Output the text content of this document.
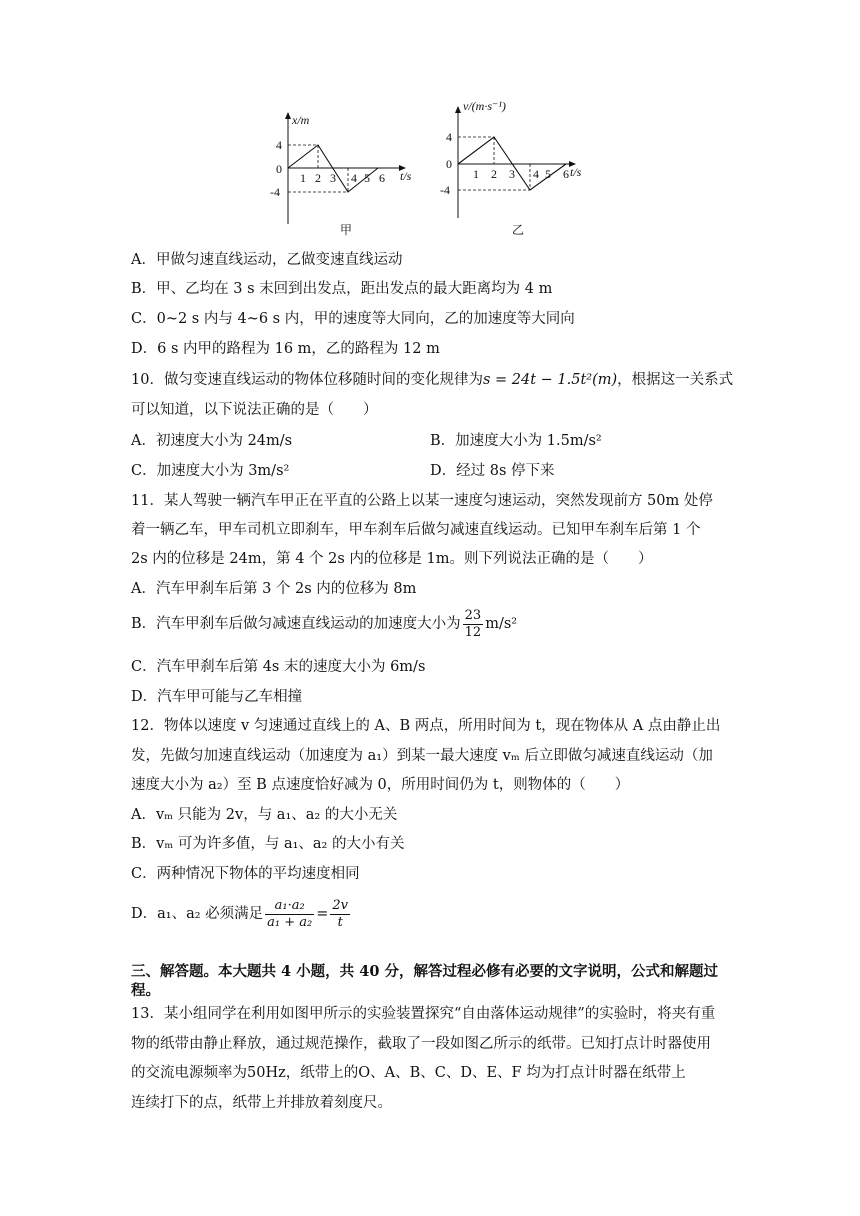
x/m
t/s
4
0
-4
1 2 3 4 5 6
甲
v/(m·s⁻¹)
t/s
4
0
-4
1 2 3 4 5 6
乙
A．甲做匀速直线运动，乙做变速直线运动
B．甲、乙均在 3 s 末回到出发点，距出发点的最大距离均为 4 m
C．0~2 s 内与 4~6 s 内，甲的速度等大同向，乙的加速度等大同向
D．6 s 内甲的路程为 16 m，乙的路程为 12 m
10．做匀变速直线运动的物体位移随时间的变化规律为s = 24t − 1.5t²(m)，根据这一关系式
可以知道，以下说法正确的是（　　）
A．初速度大小为 24m/s	B．加速度大小为 1.5m/s²
C．加速度大小为 3m/s²	D．经过 8s 停下来
11．某人驾驶一辆汽车甲正在平直的公路上以某一速度匀速运动，突然发现前方 50m 处停
着一辆乙车，甲车司机立即刹车，甲车刹车后做匀减速直线运动。已知甲车刹车后第 1 个
2s 内的位移是 24m，第 4 个 2s 内的位移是 1m。则下列说法正确的是（　　）
A．汽车甲刹车后第 3 个 2s 内的位移为 8m
B．汽车甲刹车后做匀减速直线运动的加速度大小为 $\frac{23}{12} m/s^2$
C．汽车甲刹车后第 4s 末的速度大小为 6m/s
D．汽车甲可能与乙车相撞
12．物体以速度 v 匀速通过直线上的 A、B 两点，所用时间为 t，现在物体从 A 点由静止出
发，先做匀加速直线运动（加速度为 a₁）到某一最大速度 vₘ 后立即做匀减速直线运动（加
速度大小为 a₂）至 B 点速度恰好减为 0，所用时间仍为 t，则物体的（　　）
A．vₘ 只能为 2v，与 a₁、a₂ 的大小无关
B．vₘ 可为许多值，与 a₁、a₂ 的大小有关
C．两种情况下物体的平均速度相同
D．a₁、a₂ 必须满足 $\frac{\text{a₁·a₂}}{\text{a₁ + a₂}} = \frac{2v}{t}$
三、解答题。本大题共 4 小题，共 40 分，解答过程必修有必要的文字说明，公式和解题过
程。
13．某小组同学在利用如图甲所示的实验装置探究“自由落体运动规律”的实验时，将夹有重
物的纸带由静止释放，通过规范操作，截取了一段如图乙所示的纸带。已知打点计时器使用
的交流电源频率为50Hz，纸带上的O、A、B、C、D、E、F 均为打点计时器在纸带上
连续打下的点，纸带上并排放着刻度尺。
